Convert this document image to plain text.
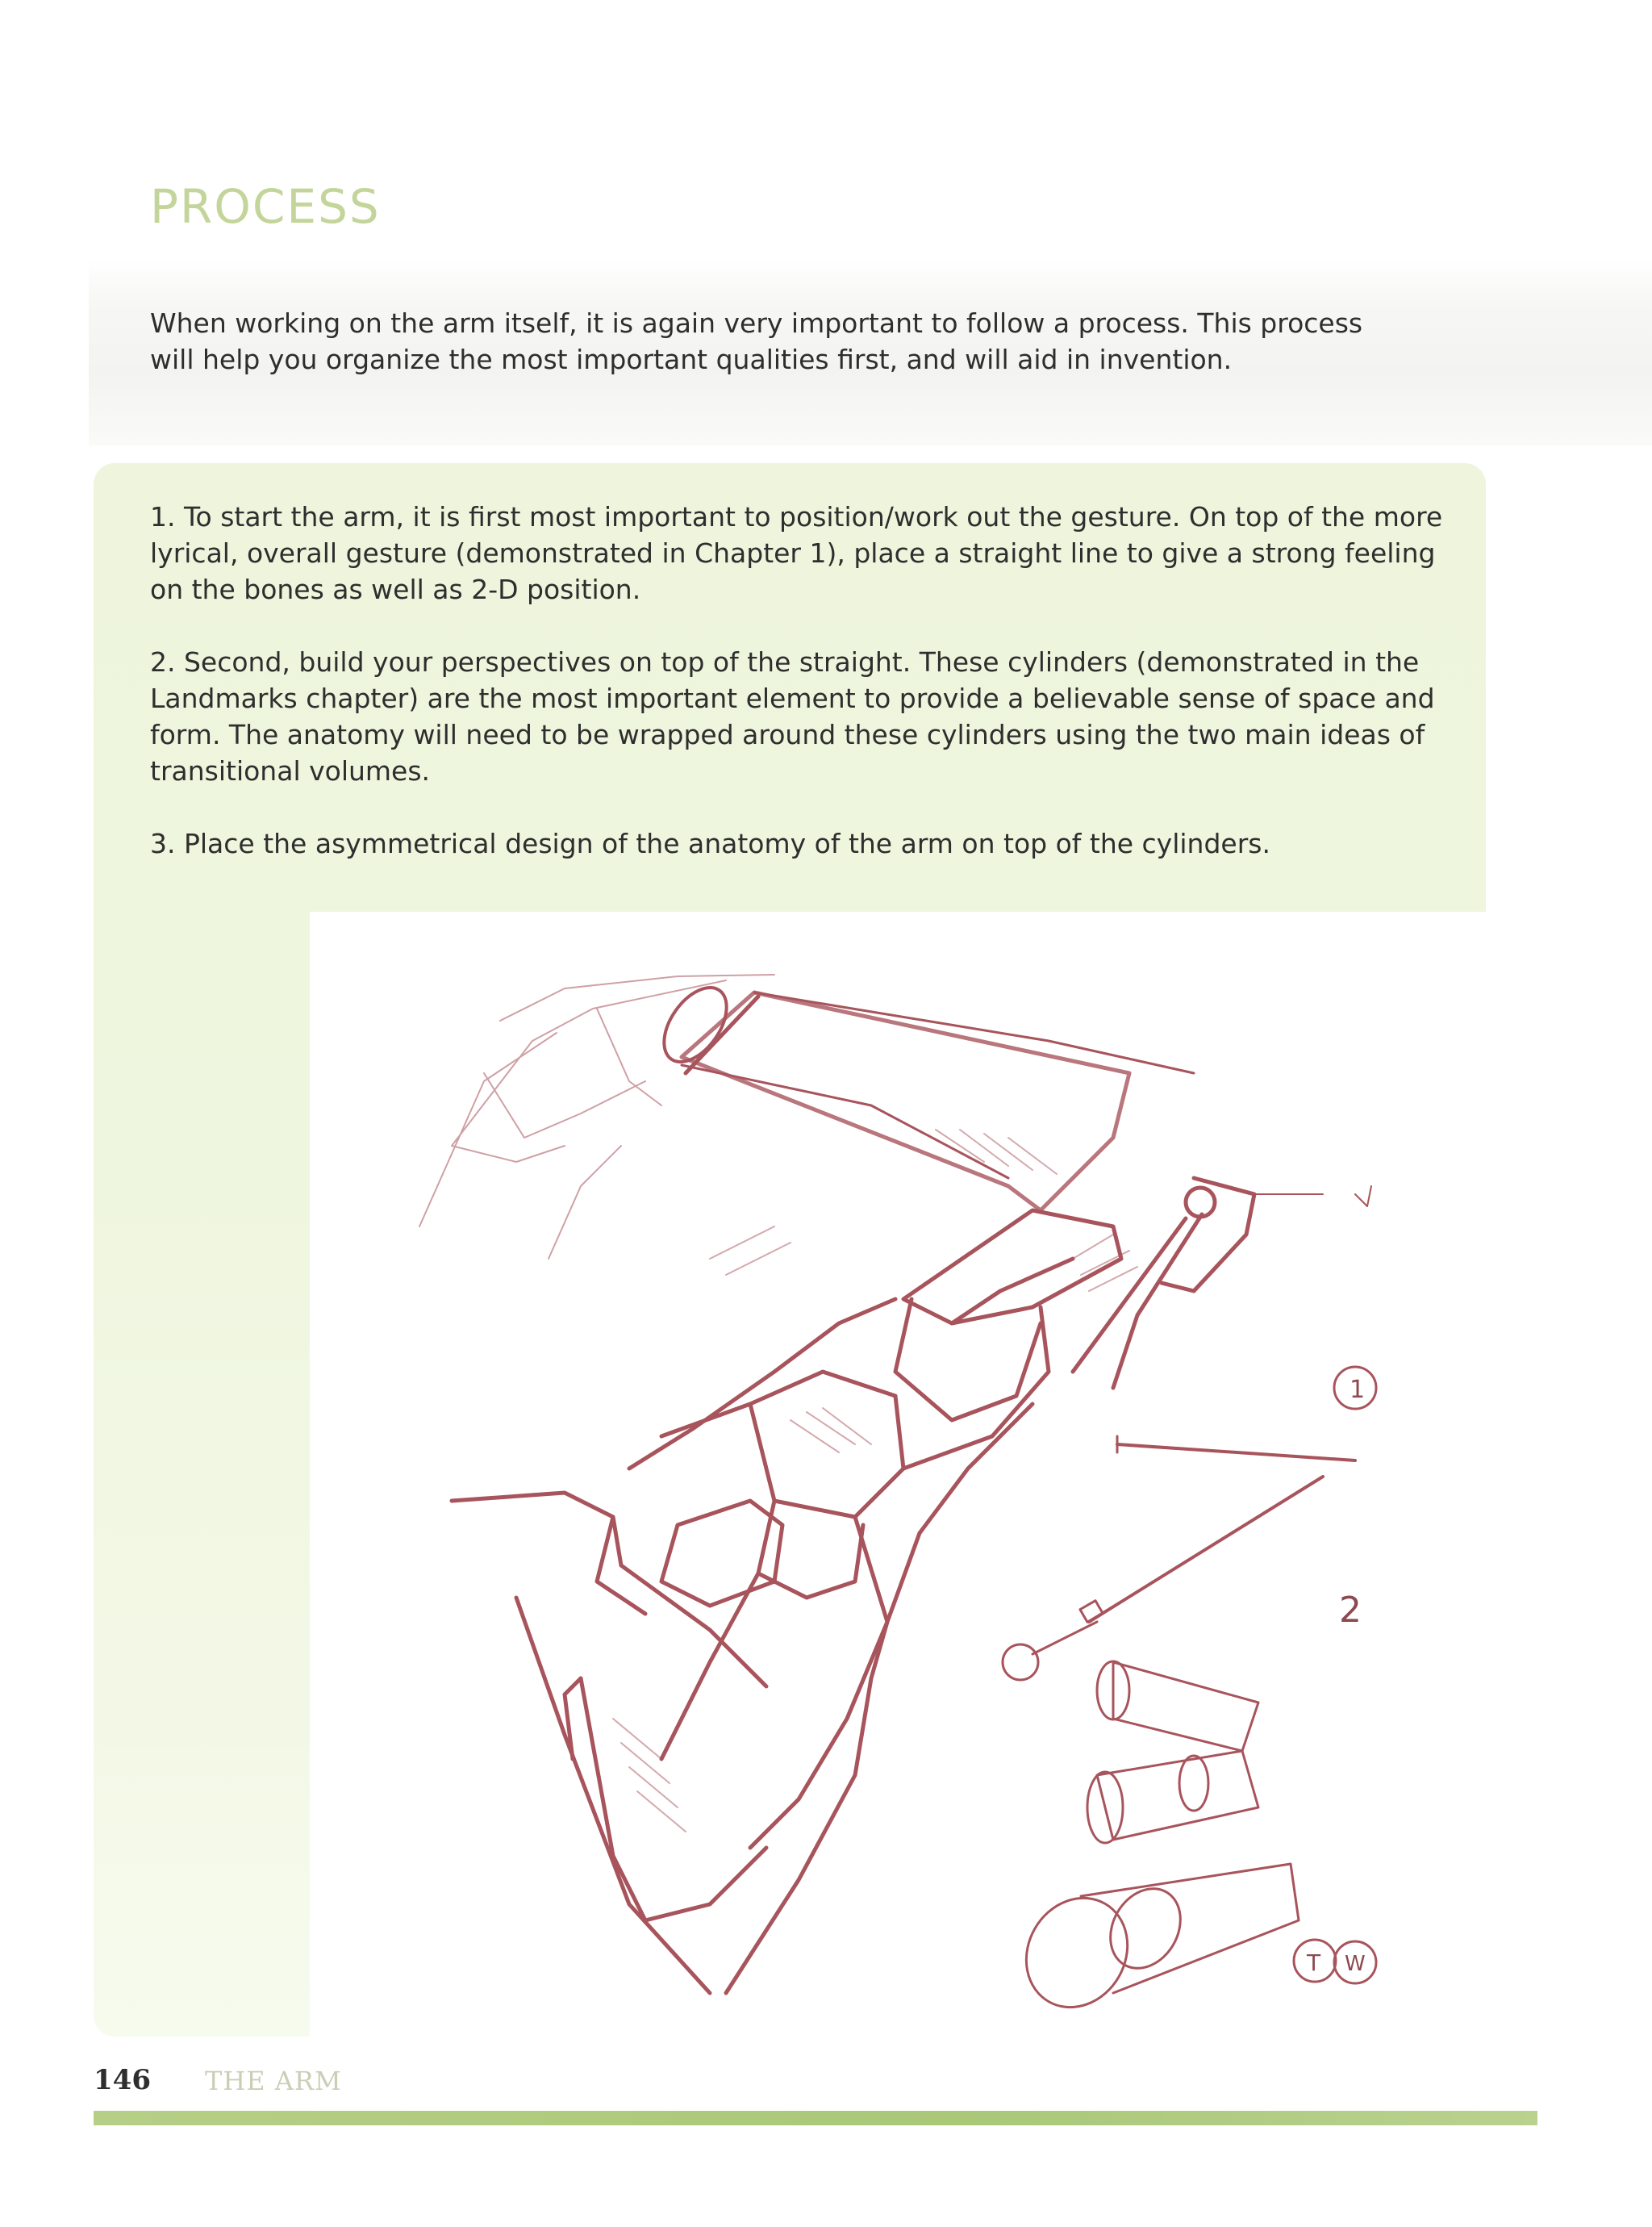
PROCESS
When working on the arm itself, it is again very important to follow a process. This process will help you organize the most important qualities first, and will aid in invention.

1. To start the arm, it is first most important to position/work out the gesture. On top of the more lyrical, overall gesture (demonstrated in Chapter 1), place a straight line to give a strong feeling on the bones as well as 2-D position.

2. Second, build your perspectives on top of the straight. These cylinders (demonstrated in the Landmarks chapter) are the most important element to provide a believable sense of space and form. The anatomy will need to be wrapped around these cylinders using the two main ideas of transitional volumes.

3. Place the asymmetrical design of the anatomy of the arm on top of the cylinders.

1
2
T W
146 THE ARM
